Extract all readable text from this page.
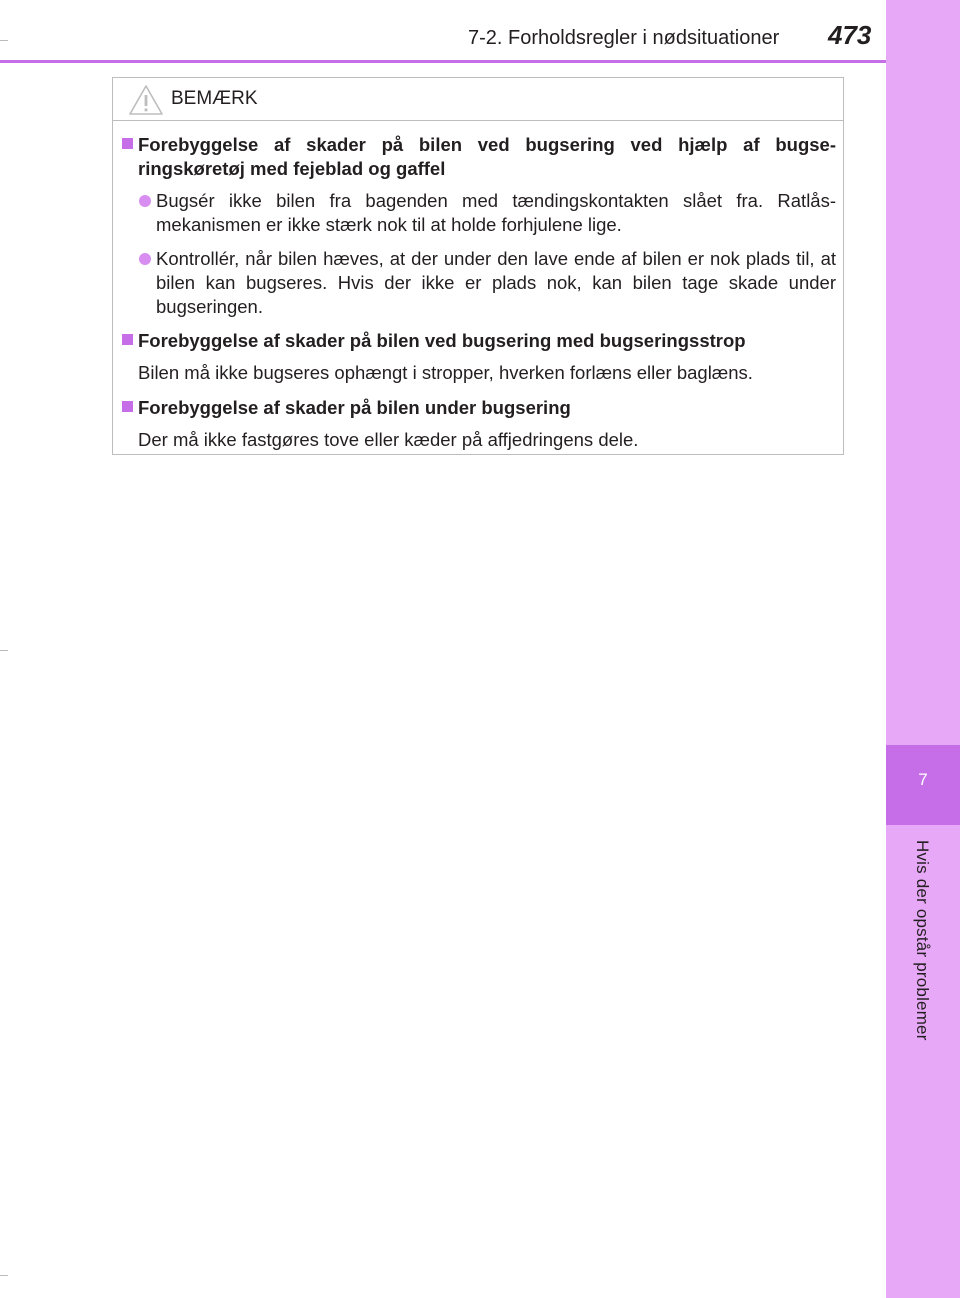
7
Hvis der opstår problemer
7-2. Forholdsregler i nødsituationer 473
BEMÆRK
Forebyggelse af skader på bilen ved bugsering ved hjælp af bugse-ringskøretøj med fejeblad og gaffel
Bugsér ikke bilen fra bagenden med tændingskontakten slået fra. Ratlås-mekanismen er ikke stærk nok til at holde forhjulene lige.
Kontrollér, når bilen hæves, at der under den lave ende af bilen er nok plads til, at bilen kan bugseres. Hvis der ikke er plads nok, kan bilen tage skade under bugseringen.
Forebyggelse af skader på bilen ved bugsering med bugseringsstrop
Bilen må ikke bugseres ophængt i stropper, hverken forlæns eller baglæns.
Forebyggelse af skader på bilen under bugsering
Der må ikke fastgøres tove eller kæder på affjedringens dele.
